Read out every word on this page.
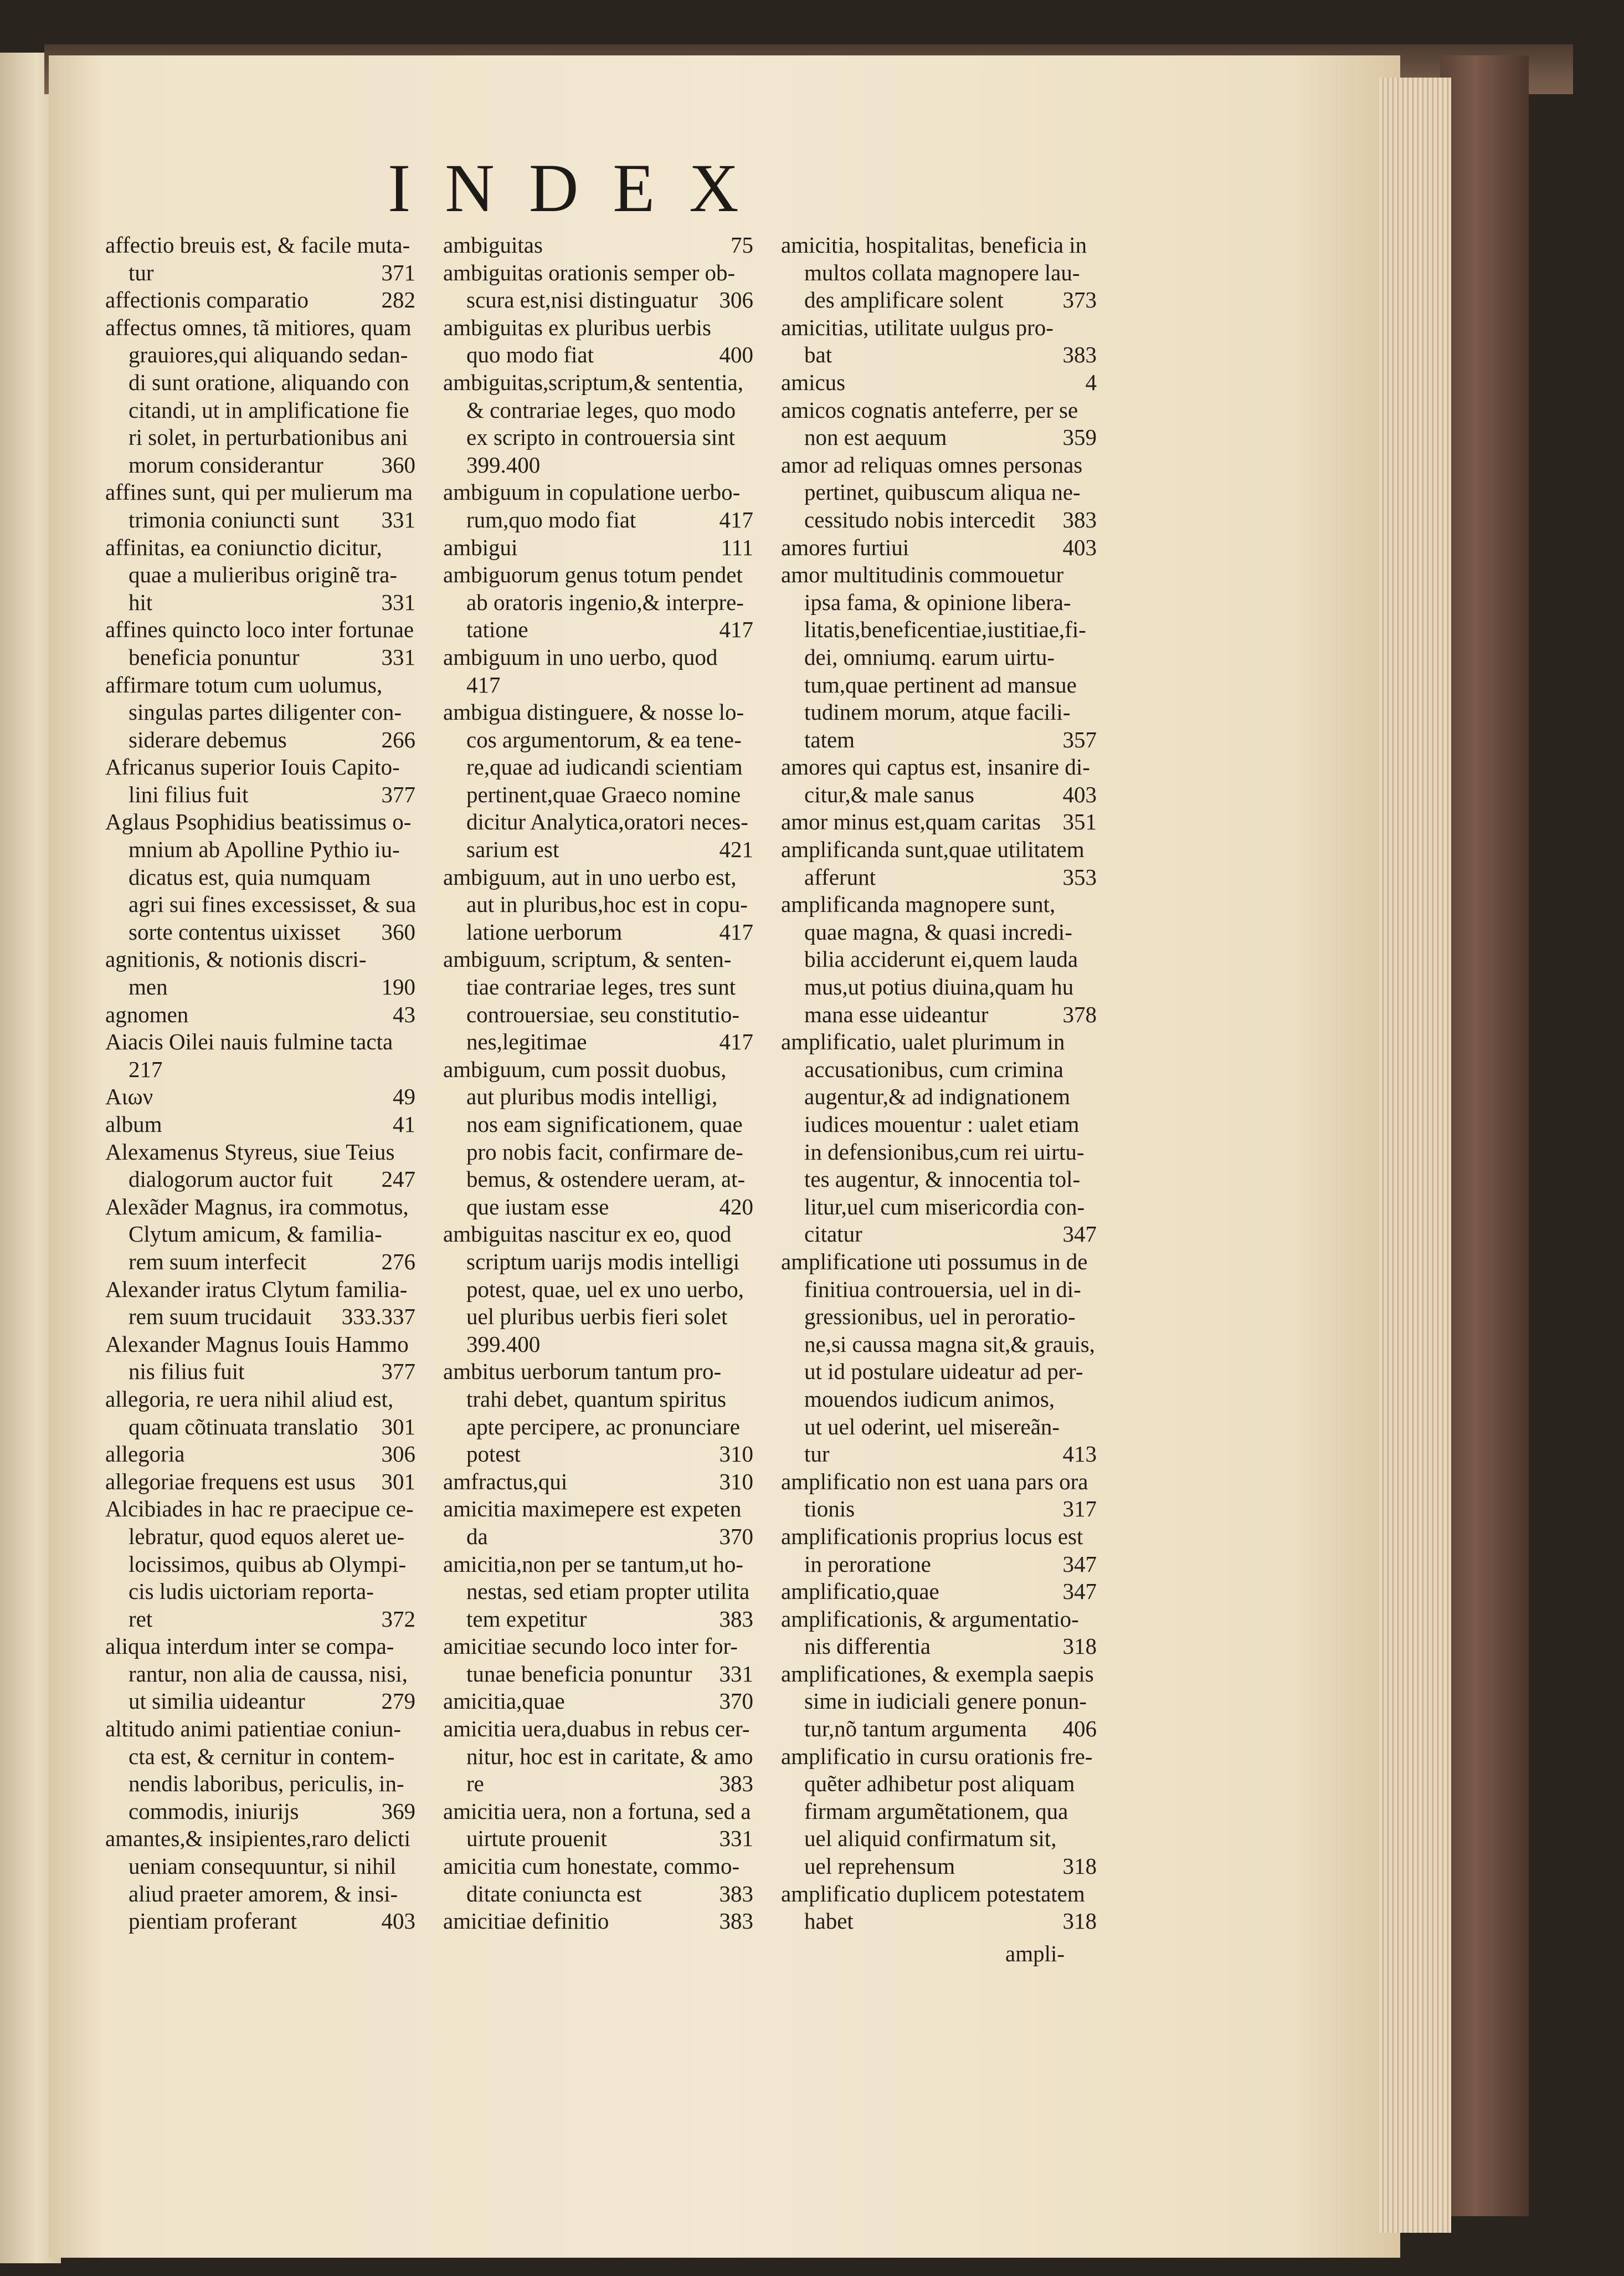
INDEX
affectio breuis est, & facile muta-
tur	371
affectionis comparatio	282
affectus omnes, tã mitiores, quam
grauiores,qui aliquando sedan-
di sunt oratione, aliquando con
citandi, ut in amplificatione fie
ri solet, in perturbationibus ani
morum considerantur	360
affines sunt, qui per mulierum ma
trimonia coniuncti sunt 331
affinitas, ea coniunctio dicitur,
quae a mulieribus originẽ tra-
hit	331
affines quincto loco inter fortunae
beneficia ponuntur	331
affirmare totum cum uolumus,
singulas partes diligenter con-
siderare debemus	266
Africanus superior Iouis Capito-
lini filius fuit	377
Aglaus Psophidius beatissimus o-
mnium ab Apolline Pythio iu-
dicatus est, quia numquam
agri sui fines excessisset, & sua
sorte contentus uixisset 360
agnitionis, & notionis discri-
men	190
agnomen	43
Aiacis Oilei nauis fulmine tacta
217
Αιων	49
album	41
Alexamenus Styreus, siue Teius
dialogorum auctor fuit 247
Alexãder Magnus, ira commotus,
Clytum amicum, & familia-
rem suum interfecit	276
Alexander iratus Clytum familia-
rem suum trucidauit 333.337
Alexander Magnus Iouis Hammo
nis filius fuit	377
allegoria, re uera nihil aliud est,
quam cõtinuata translatio 301
allegoria	306
allegoriae frequens est usus 301
Alcibiades in hac re praecipue ce-
lebratur, quod equos aleret ue-
locissimos, quibus ab Olympi-
cis ludis uictoriam reporta-
ret	372
aliqua interdum inter se compa-
rantur, non alia de caussa, nisi,
ut similia uideantur	279
altitudo animi patientiae coniun-
cta est, & cernitur in contem-
nendis laboribus, periculis, in-
commodis, iniurijs	369
amantes,& insipientes,raro delicti
ueniam consequuntur, si nihil
aliud praeter amorem, & insi-
pientiam proferant	403
ambiguitas	75
ambiguitas orationis semper ob-
scura est,nisi distinguatur 306
ambiguitas ex pluribus uerbis
quo modo fiat	400
ambiguitas,scriptum,& sententia,
& contrariae leges, quo modo
ex scripto in controuersia sint
399.400
ambiguum in copulatione uerbo-
rum,quo modo fiat	417
ambigui	111
ambiguorum genus totum pendet
ab oratoris ingenio,& interpre-
tatione	417
ambiguum in uno uerbo, quod
417
ambigua distinguere, & nosse lo-
cos argumentorum, & ea tene-
re,quae ad iudicandi scientiam
pertinent,quae Graeco nomine
dicitur Analytica,oratori neces-
sarium est	421
ambiguum, aut in uno uerbo est,
aut in pluribus,hoc est in copu-
latione uerborum	417
ambiguum, scriptum, & senten-
tiae contrariae leges, tres sunt
controuersiae, seu constitutio-
nes,legitimae	417
ambiguum, cum possit duobus,
aut pluribus modis intelligi,
nos eam significationem, quae
pro nobis facit, confirmare de-
bemus, & ostendere ueram, at-
que iustam esse	420
ambiguitas nascitur ex eo, quod
scriptum uarijs modis intelligi
potest, quae, uel ex uno uerbo,
uel pluribus uerbis fieri solet
399.400
ambitus uerborum tantum pro-
trahi debet, quantum spiritus
apte percipere, ac pronunciare
potest	310
amfractus,qui	310
amicitia maximepere est expeten
da	370
amicitia,non per se tantum,ut ho-
nestas, sed etiam propter utilita
tem expetitur	383
amicitiae secundo loco inter for-
tunae beneficia ponuntur 331
amicitia,quae	370
amicitia uera,duabus in rebus cer-
nitur, hoc est in caritate, & amo
re	383
amicitia uera, non a fortuna, sed a
uirtute prouenit	331
amicitia cum honestate, commo-
ditate coniuncta est	383
amicitiae definitio	383
amicitia, hospitalitas, beneficia in
multos collata magnopere lau-
des amplificare solent	373
amicitias, utilitate uulgus pro-
bat	383
amicus	4
amicos cognatis anteferre, per se
non est aequum	359
amor ad reliquas omnes personas
pertinet, quibuscum aliqua ne-
cessitudo nobis intercedit 383
amores furtiui	403
amor multitudinis commouetur
ipsa fama, & opinione libera-
litatis,beneficentiae,iustitiae,fi-
dei, omniumq. earum uirtu-
tum,quae pertinent ad mansue
tudinem morum, atque facili-
tatem	357
amores qui captus est, insanire di-
citur,& male sanus	403
amor minus est,quam caritas 351
amplificanda sunt,quae utilitatem
afferunt	353
amplificanda magnopere sunt,
quae magna, & quasi incredi-
bilia acciderunt ei,quem lauda
mus,ut potius diuina,quam hu
mana esse uideantur	378
amplificatio, ualet plurimum in
accusationibus, cum crimina
augentur,& ad indignationem
iudices mouentur : ualet etiam
in defensionibus,cum rei uirtu-
tes augentur, & innocentia tol-
litur,uel cum misericordia con-
citatur	347
amplificatione uti possumus in de
finitiua controuersia, uel in di-
gressionibus, uel in peroratio-
ne,si caussa magna sit,& grauis,
ut id postulare uideatur ad per-
mouendos iudicum animos,
ut uel oderint, uel misereãn-
tur	413
amplificatio non est uana pars ora
tionis	317
amplificationis proprius locus est
in peroratione	347
amplificatio,quae	347
amplificationis, & argumentatio-
nis differentia	318
amplificationes, & exempla saepis
sime in iudiciali genere ponun-
tur,nõ tantum argumenta 406
amplificatio in cursu orationis fre-
quẽter adhibetur post aliquam
firmam argumẽtationem, qua
uel aliquid confirmatum sit,
uel reprehensum	318
amplificatio duplicem potestatem
habet	318
ampli-
